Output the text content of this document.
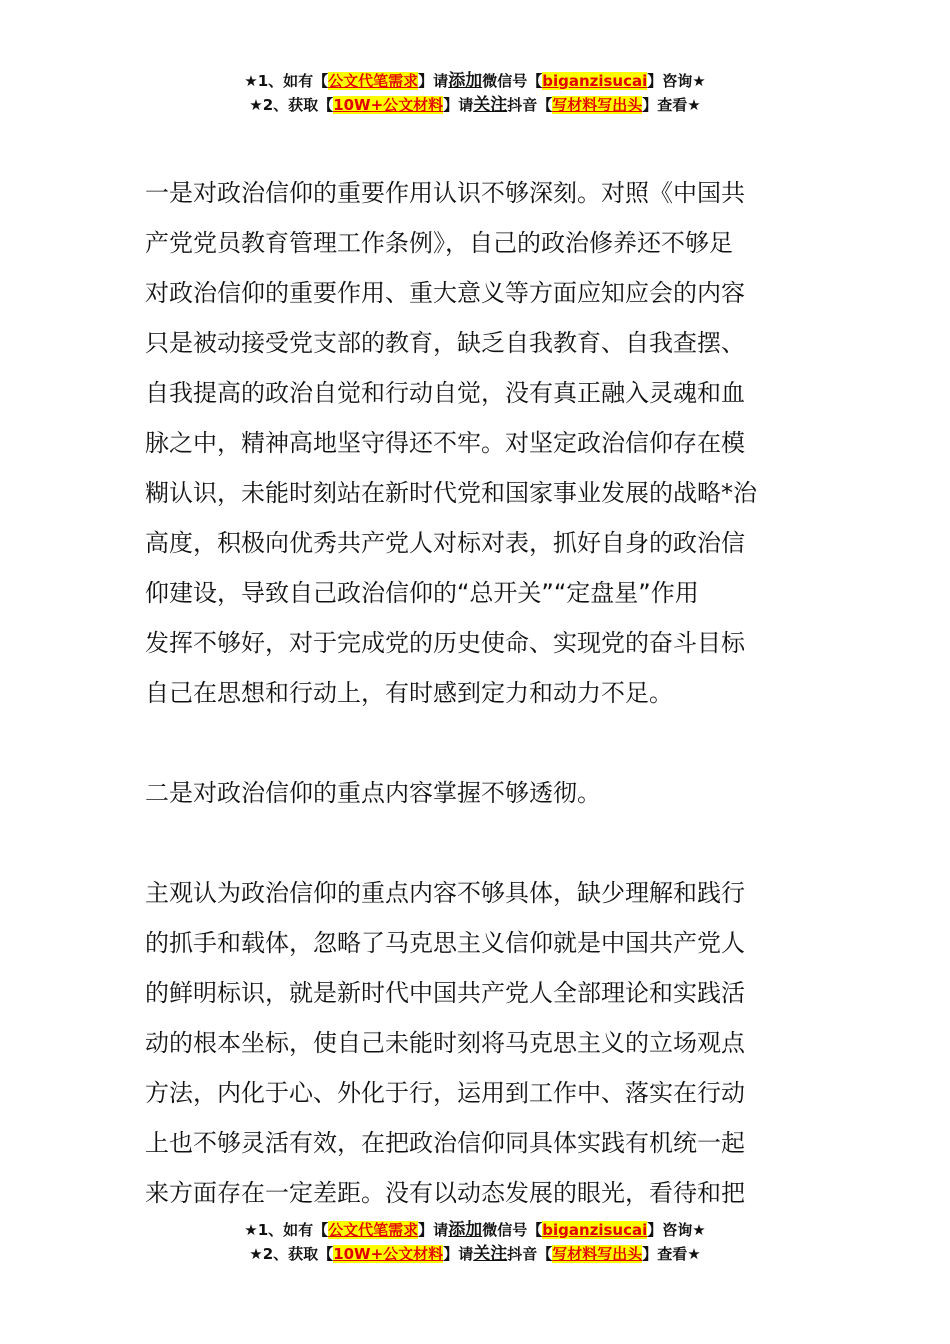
★1、如有【公文代笔需求】请添加微信号【biganzisucai】咨询★
★2、获取【10W+公文材料】请关注抖音【写材料写出头】查看★
一是对政治信仰的重要作用认识不够深刻。对照《中国共
产党党员教育管理工作条例》，自己的政治修养还不够足
对政治信仰的重要作用、重大意义等方面应知应会的内容
只是被动接受党支部的教育，缺乏自我教育、自我查摆、
自我提高的政治自觉和行动自觉，没有真正融入灵魂和血
脉之中，精神高地坚守得还不牢。对坚定政治信仰存在模
糊认识，未能时刻站在新时代党和国家事业发展的战略*治
高度，积极向优秀共产党人对标对表，抓好自身的政治信
仰建设，导致自己政治信仰的“总开关”“定盘星”作用
发挥不够好，对于完成党的历史使命、实现党的奋斗目标
自己在思想和行动上，有时感到定力和动力不足。
二是对政治信仰的重点内容掌握不够透彻。
主观认为政治信仰的重点内容不够具体，缺少理解和践行
的抓手和载体，忽略了马克思主义信仰就是中国共产党人
的鲜明标识，就是新时代中国共产党人全部理论和实践活
动的根本坐标，使自己未能时刻将马克思主义的立场观点
方法，内化于心、外化于行，运用到工作中、落实在行动
上也不够灵活有效，在把政治信仰同具体实践有机统一起
来方面存在一定差距。没有以动态发展的眼光，看待和把
★1、如有【公文代笔需求】请添加微信号【biganzisucai】咨询★
★2、获取【10W+公文材料】请关注抖音【写材料写出头】查看★
